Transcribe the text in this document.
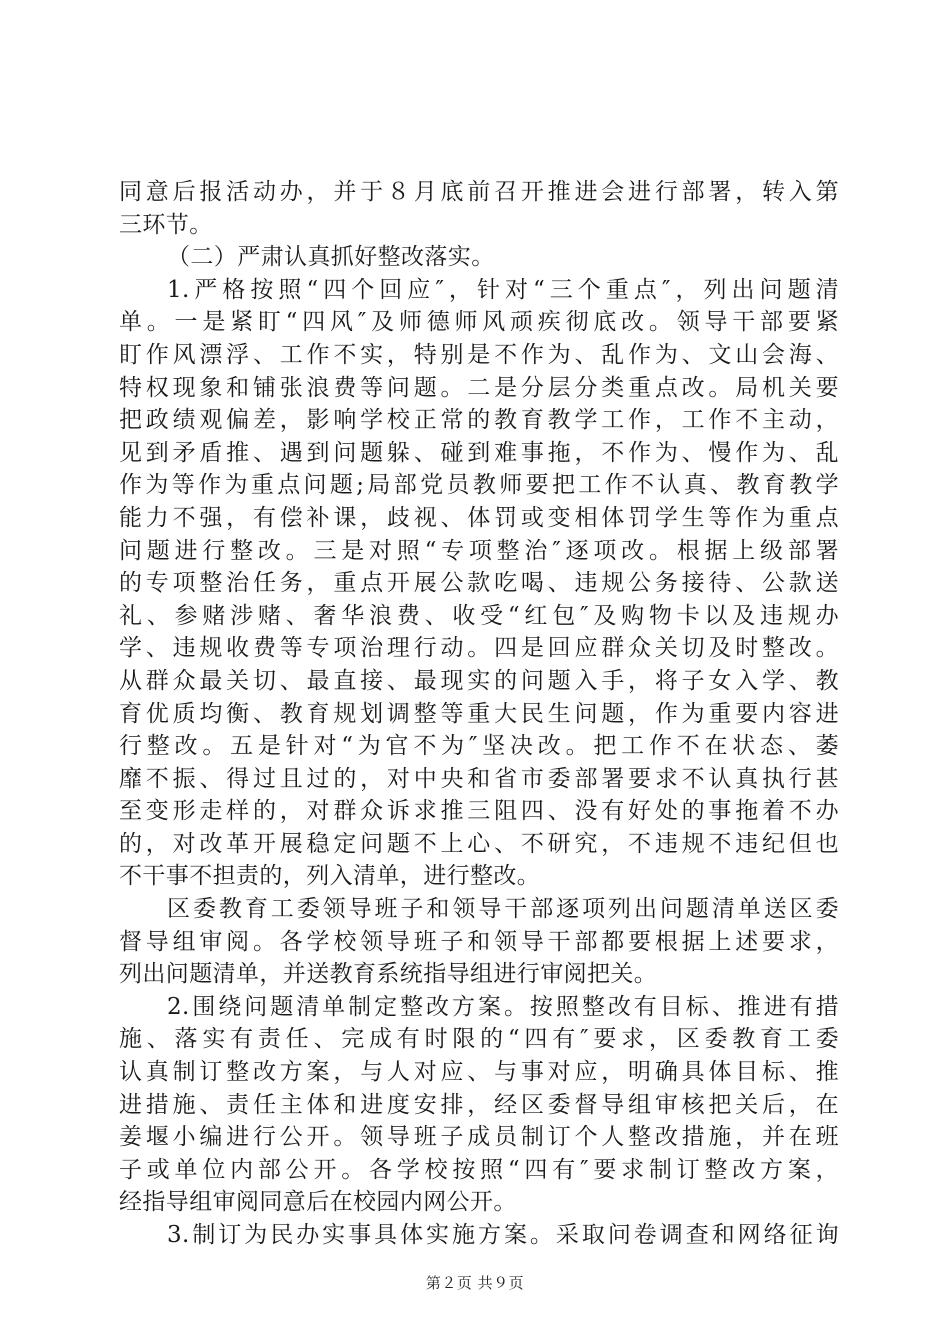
同意后报活动办，并于８月底前召开推进会进行部署，转入第
三环节。
（二）严肃认真抓好整改落实。
1.严格按照“四个回应″，针对“三个重点″，列出问题清
单。一是紧盯“四风″及师德师风顽疾彻底改。领导干部要紧
盯作风漂浮、工作不实，特别是不作为、乱作为、文山会海、
特权现象和铺张浪费等问题。二是分层分类重点改。局机关要
把政绩观偏差，影响学校正常的教育教学工作，工作不主动，
见到矛盾推、遇到问题躲、碰到难事拖，不作为、慢作为、乱
作为等作为重点问题;局部党员教师要把工作不认真、教育教学
能力不强，有偿补课，歧视、体罚或变相体罚学生等作为重点
问题进行整改。三是对照“专项整治″逐项改。根据上级部署
的专项整治任务，重点开展公款吃喝、违规公务接待、公款送
礼、参赌涉赌、奢华浪费、收受“红包″及购物卡以及违规办
学、违规收费等专项治理行动。四是回应群众关切及时整改。
从群众最关切、最直接、最现实的问题入手，将子女入学、教
育优质均衡、教育规划调整等重大民生问题，作为重要内容进
行整改。五是针对“为官不为″坚决改。把工作不在状态、萎
靡不振、得过且过的，对中央和省市委部署要求不认真执行甚
至变形走样的，对群众诉求推三阻四、没有好处的事拖着不办
的，对改革开展稳定问题不上心、不研究，不违规不违纪但也
不干事不担责的，列入清单，进行整改。
区委教育工委领导班子和领导干部逐项列出问题清单送区委
督导组审阅。各学校领导班子和领导干部都要根据上述要求，
列出问题清单，并送教育系统指导组进行审阅把关。
2.围绕问题清单制定整改方案。按照整改有目标、推进有措
施、落实有责任、完成有时限的“四有″要求，区委教育工委
认真制订整改方案，与人对应、与事对应，明确具体目标、推
进措施、责任主体和进度安排，经区委督导组审核把关后，在
姜堰小编进行公开。领导班子成员制订个人整改措施，并在班
子或单位内部公开。各学校按照“四有″要求制订整改方案，
经指导组审阅同意后在校园内网公开。
3.制订为民办实事具体实施方案。采取问卷调查和网络征询
第２页 共９页
